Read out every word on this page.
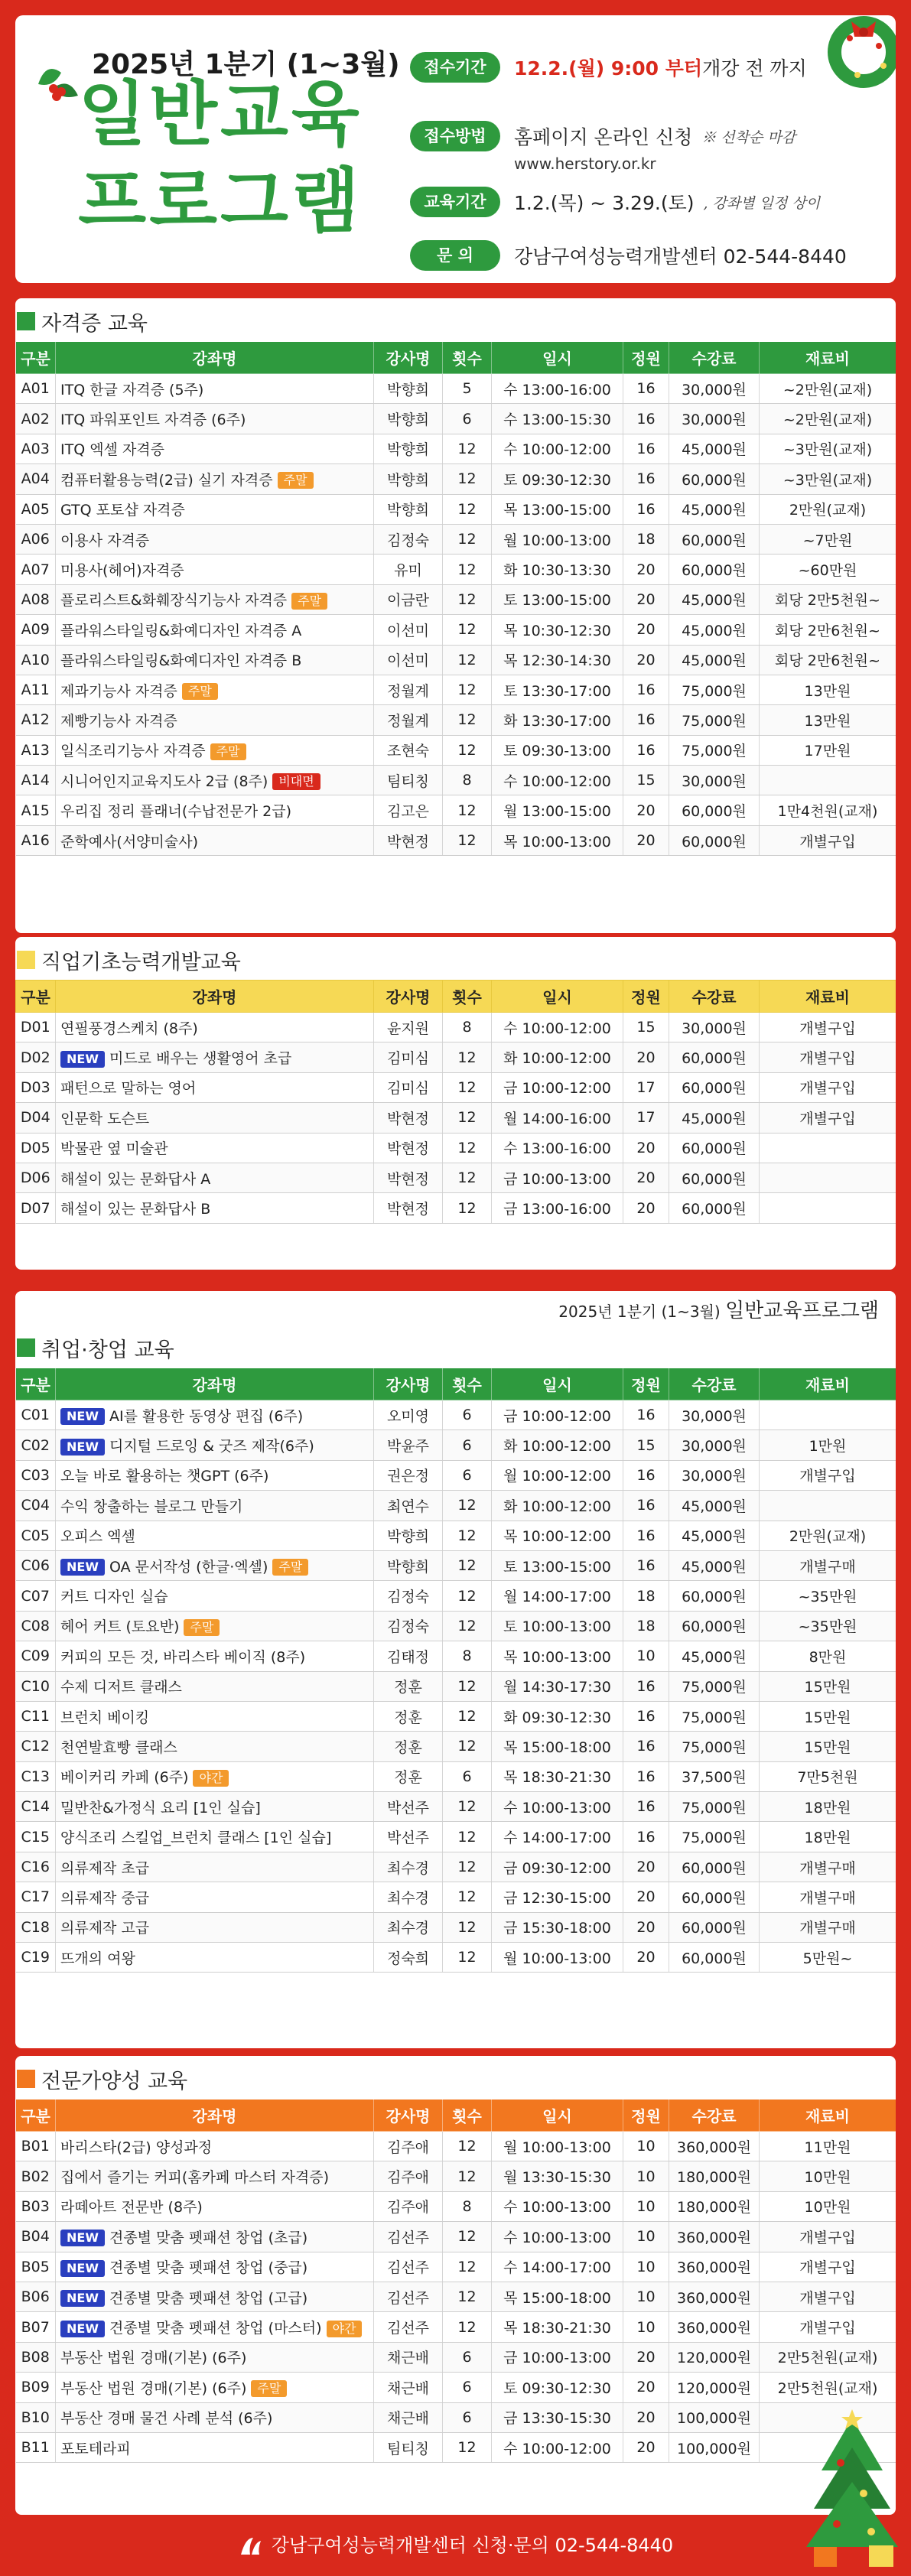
2025년 1분기 (1~3월)
일반교육
프로그램
접수기간	12.2.(월) 9:00 부터 개강 전 까지
접수방법	홈페이지 온라인 신청 ※ 선착순 마감
www.herstory.or.kr
교육기간	1.2.(목) ~ 3.29.(토) , 강좌별 일정 상이
문 의	강남구여성능력개발센터 02-544-8440
자격증 교육
구분	강좌명	강사명	횟수	일시	정원	수강료	재료비
A01	ITQ 한글 자격증 (5주)	박향희	5	수 13:00-16:00	16	30,000원	~2만원(교재)
A02	ITQ 파워포인트 자격증 (6주)	박향희	6	수 13:00-15:30	16	30,000원	~2만원(교재)
A03	ITQ 엑셀 자격증	박향희	12	수 10:00-12:00	16	45,000원	~3만원(교재)
A04	컴퓨터활용능력(2급) 실기 자격증 주말	박향희	12	토 09:30-12:30	16	60,000원	~3만원(교재)
A05	GTQ 포토샵 자격증	박향희	12	목 13:00-15:00	16	45,000원	2만원(교재)
A06	이용사 자격증	김정숙	12	월 10:00-13:00	18	60,000원	~7만원
A07	미용사(헤어)자격증	유미	12	화 10:30-13:30	20	60,000원	~60만원
A08	플로리스트&화훼장식기능사 자격증 주말	이금란	12	토 13:00-15:00	20	45,000원	회당 2만5천원~
A09	플라워스타일링&화예디자인 자격증 A	이선미	12	목 10:30-12:30	20	45,000원	회당 2만6천원~
A10	플라워스타일링&화예디자인 자격증 B	이선미	12	목 12:30-14:30	20	45,000원	회당 2만6천원~
A11	제과기능사 자격증 주말	정월계	12	토 13:30-17:00	16	75,000원	13만원
A12	제빵기능사 자격증	정월계	12	화 13:30-17:00	16	75,000원	13만원
A13	일식조리기능사 자격증 주말	조현숙	12	토 09:30-13:00	16	75,000원	17만원
A14	시니어인지교육지도사 2급 (8주) 비대면	팀티칭	8	수 10:00-12:00	15	30,000원	
A15	우리집 정리 플래너(수납전문가 2급)	김고은	12	월 13:00-15:00	20	60,000원	1만4천원(교재)
A16	준학예사(서양미술사)	박현정	12	목 10:00-13:00	20	60,000원	개별구입
직업기초능력개발교육
구분	강좌명	강사명	횟수	일시	정원	수강료	재료비
D01	연필풍경스케치 (8주)	윤지원	8	수 10:00-12:00	15	30,000원	개별구입
D02	NEW 미드로 배우는 생활영어 초급	김미심	12	화 10:00-12:00	20	60,000원	개별구입
D03	패턴으로 말하는 영어	김미심	12	금 10:00-12:00	17	60,000원	개별구입
D04	인문학 도슨트	박현정	12	월 14:00-16:00	17	45,000원	개별구입
D05	박물관 옆 미술관	박현정	12	수 13:00-16:00	20	60,000원	
D06	해설이 있는 문화답사 A	박현정	12	금 10:00-13:00	20	60,000원	
D07	해설이 있는 문화답사 B	박현정	12	금 13:00-16:00	20	60,000원	
2025년 1분기 (1~3월) 일반교육프로그램
취업·창업 교육
구분	강좌명	강사명	횟수	일시	정원	수강료	재료비
C01	NEW AI를 활용한 동영상 편집 (6주)	오미영	6	금 10:00-12:00	16	30,000원	
C02	NEW 디지털 드로잉 & 굿즈 제작(6주)	박윤주	6	화 10:00-12:00	15	30,000원	1만원
C03	오늘 바로 활용하는 챗GPT (6주)	권은정	6	월 10:00-12:00	16	30,000원	개별구입
C04	수익 창출하는 블로그 만들기	최연수	12	화 10:00-12:00	16	45,000원	
C05	오피스 엑셀	박향희	12	목 10:00-12:00	16	45,000원	2만원(교재)
C06	NEW OA 문서작성 (한글·엑셀) 주말	박향희	12	토 13:00-15:00	16	45,000원	개별구매
C07	커트 디자인 실습	김정숙	12	월 14:00-17:00	18	60,000원	~35만원
C08	헤어 커트 (토요반) 주말	김정숙	12	토 10:00-13:00	18	60,000원	~35만원
C09	커피의 모든 것, 바리스타 베이직 (8주)	김태정	8	목 10:00-13:00	10	45,000원	8만원
C10	수제 디저트 클래스	정훈	12	월 14:30-17:30	16	75,000원	15만원
C11	브런치 베이킹	정훈	12	화 09:30-12:30	16	75,000원	15만원
C12	천연발효빵 클래스	정훈	12	목 15:00-18:00	16	75,000원	15만원
C13	베이커리 카페 (6주) 야간	정훈	6	목 18:30-21:30	16	37,500원	7만5천원
C14	밀반찬&가정식 요리 [1인 실습]	박선주	12	수 10:00-13:00	16	75,000원	18만원
C15	양식조리 스킬업_브런치 클래스 [1인 실습]	박선주	12	수 14:00-17:00	16	75,000원	18만원
C16	의류제작 초급	최수경	12	금 09:30-12:00	20	60,000원	개별구매
C17	의류제작 중급	최수경	12	금 12:30-15:00	20	60,000원	개별구매
C18	의류제작 고급	최수경	12	금 15:30-18:00	20	60,000원	개별구매
C19	뜨개의 여왕	정숙희	12	월 10:00-13:00	20	60,000원	5만원~
전문가양성 교육
구분	강좌명	강사명	횟수	일시	정원	수강료	재료비
B01	바리스타(2급) 양성과정	김주애	12	월 10:00-13:00	10	360,000원	11만원
B02	집에서 즐기는 커피(홈카페 마스터 자격증)	김주애	12	월 13:30-15:30	10	180,000원	10만원
B03	라떼아트 전문반 (8주)	김주애	8	수 10:00-13:00	10	180,000원	10만원
B04	NEW 견종별 맞춤 펫패션 창업 (초급)	김선주	12	수 10:00-13:00	10	360,000원	개별구입
B05	NEW 견종별 맞춤 펫패션 창업 (중급)	김선주	12	수 14:00-17:00	10	360,000원	개별구입
B06	NEW 견종별 맞춤 펫패션 창업 (고급)	김선주	12	목 15:00-18:00	10	360,000원	개별구입
B07	NEW 견종별 맞춤 펫패션 창업 (마스터) 야간	김선주	12	목 18:30-21:30	10	360,000원	개별구입
B08	부동산 법원 경매(기본) (6주)	채근배	6	금 10:00-13:00	20	120,000원	2만5천원(교재)
B09	부동산 법원 경매(기본) (6주) 주말	채근배	6	토 09:30-12:30	20	120,000원	2만5천원(교재)
B10	부동산 경매 물건 사례 분석 (6주)	채근배	6	금 13:30-15:30	20	100,000원	
B11	포토테라피	팀티칭	12	수 10:00-12:00	20	100,000원	
강남구여성능력개발센터 신청·문의 02-544-8440
